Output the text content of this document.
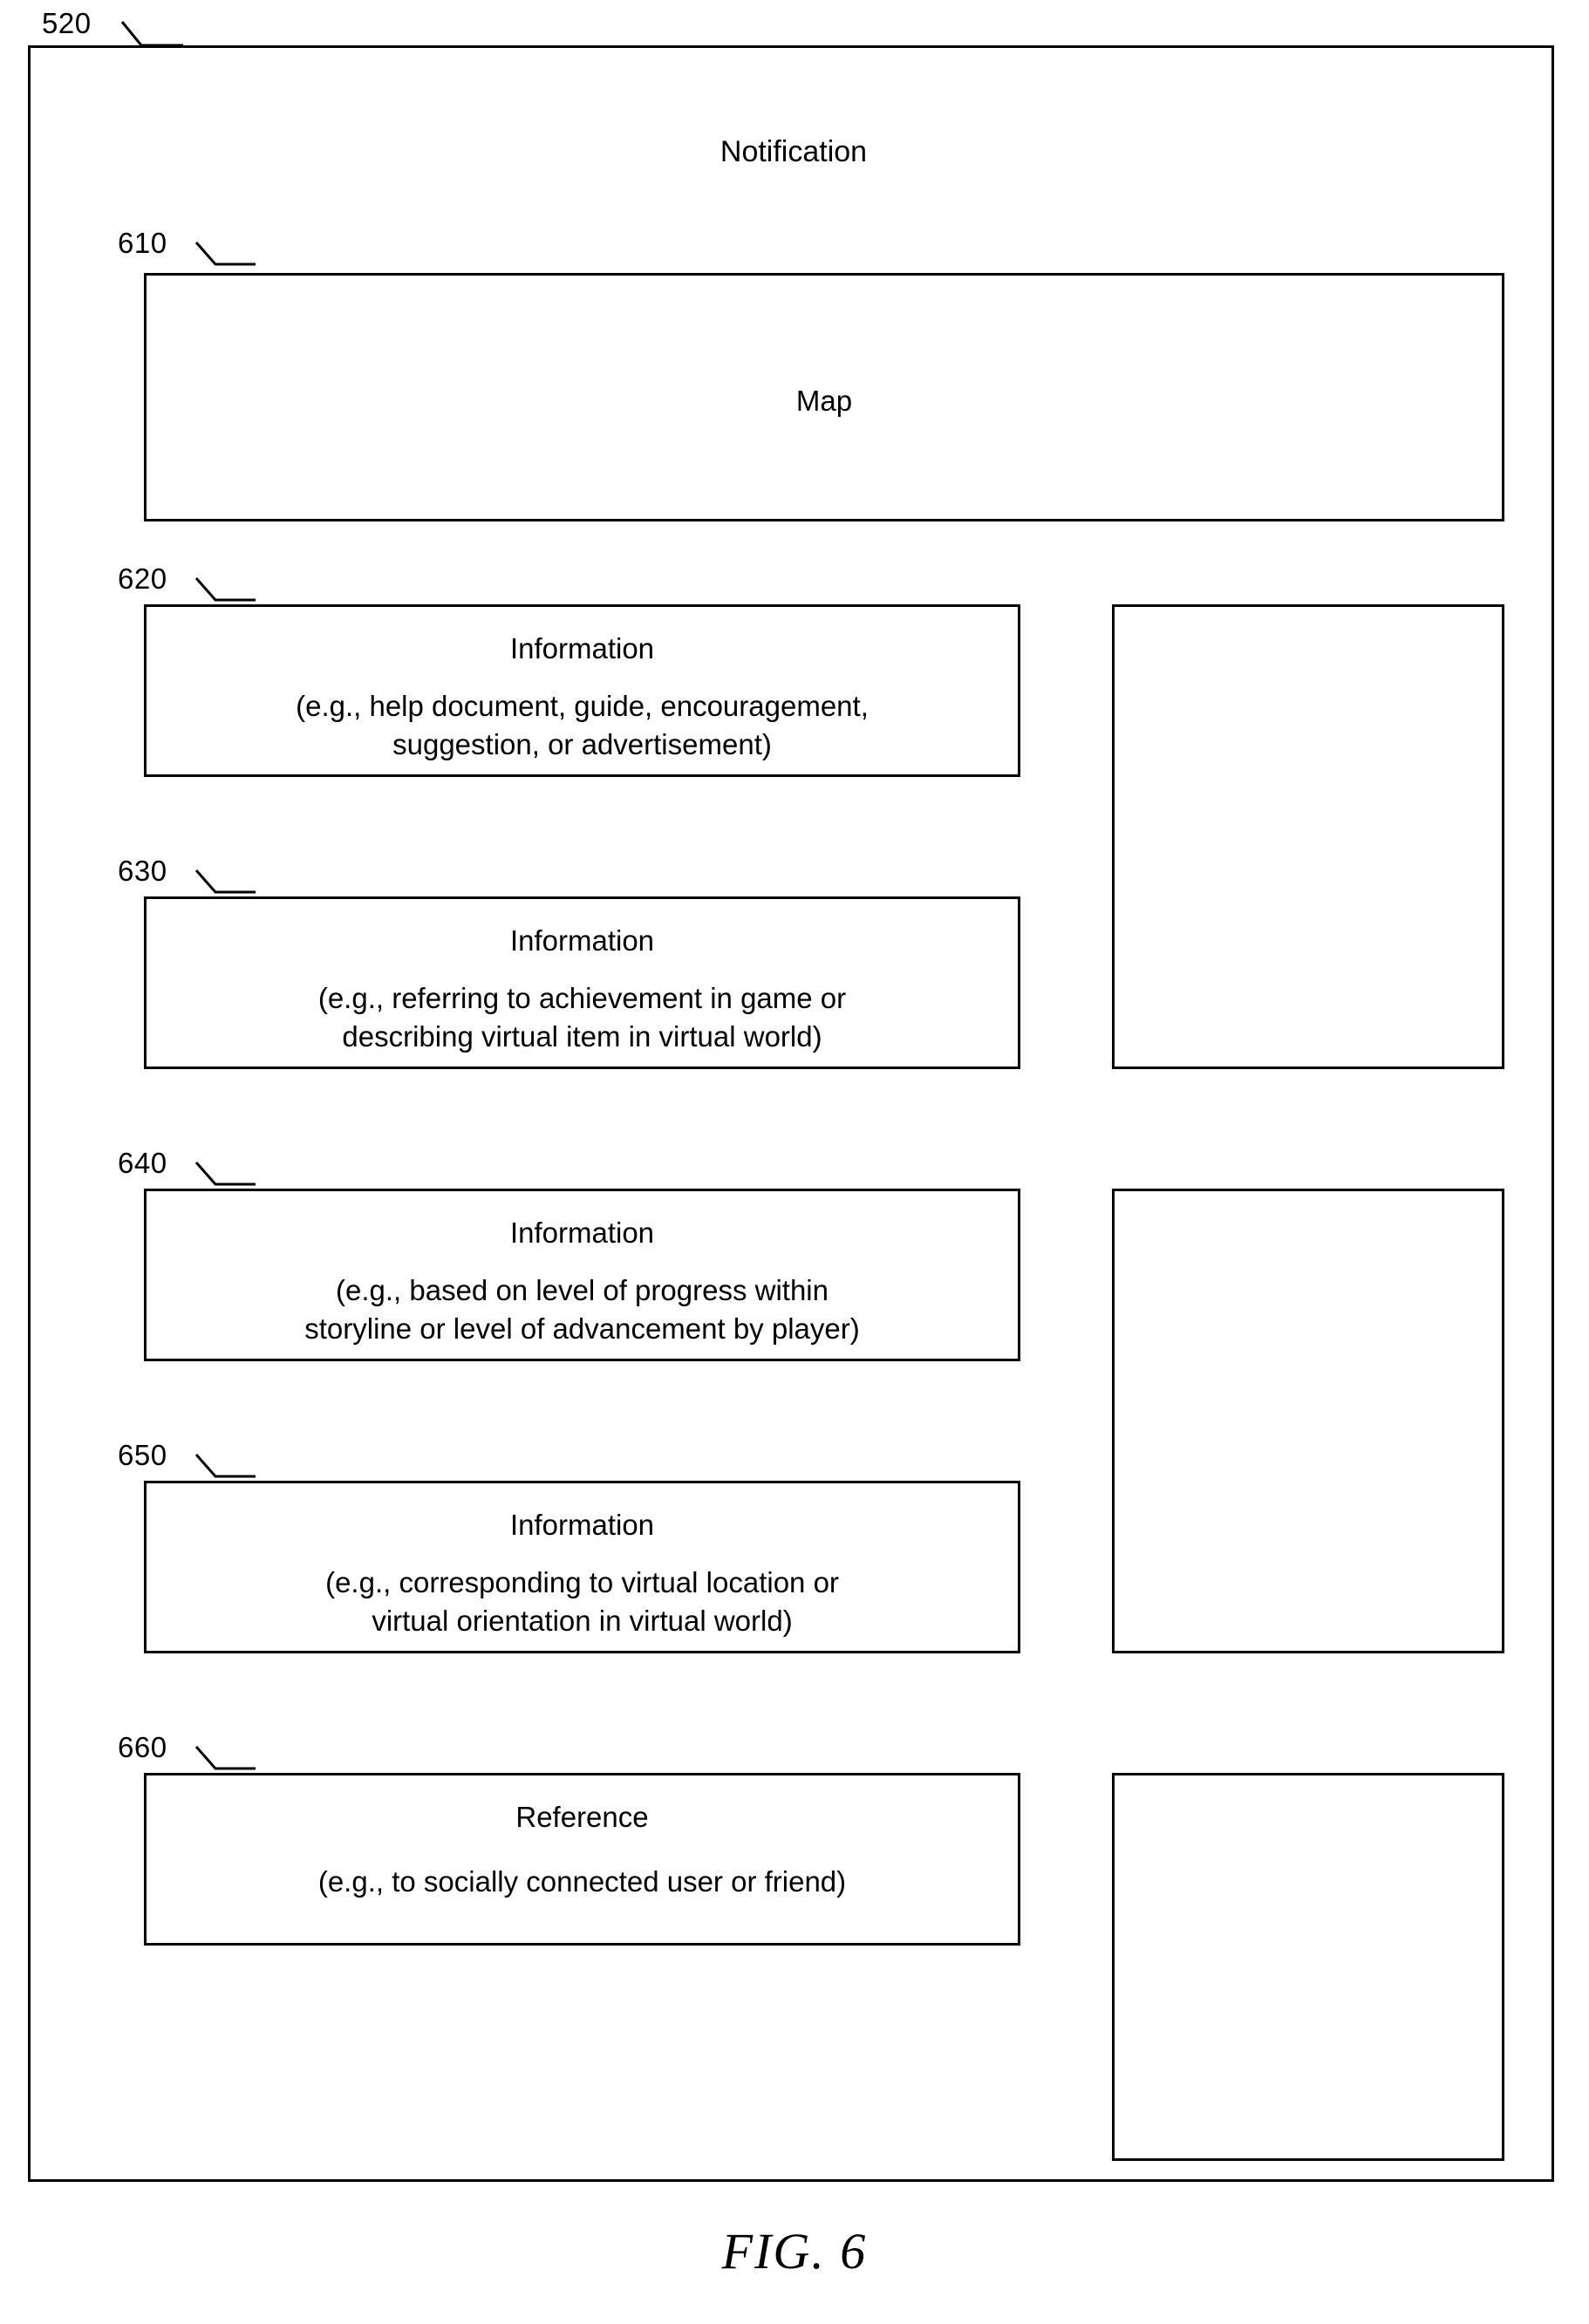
520
Notification
610
Map
620
Information
(e.g., help document, guide, encouragement,
suggestion, or advertisement)
630
Information
(e.g., referring to achievement in game or
describing virtual item in virtual world)
640
Information
(e.g., based on level of progress within
storyline or level of advancement by player)
650
Information
(e.g., corresponding to virtual location or
virtual orientation in virtual world)
660
Reference
(e.g., to socially connected user or friend)
FIG. 6
